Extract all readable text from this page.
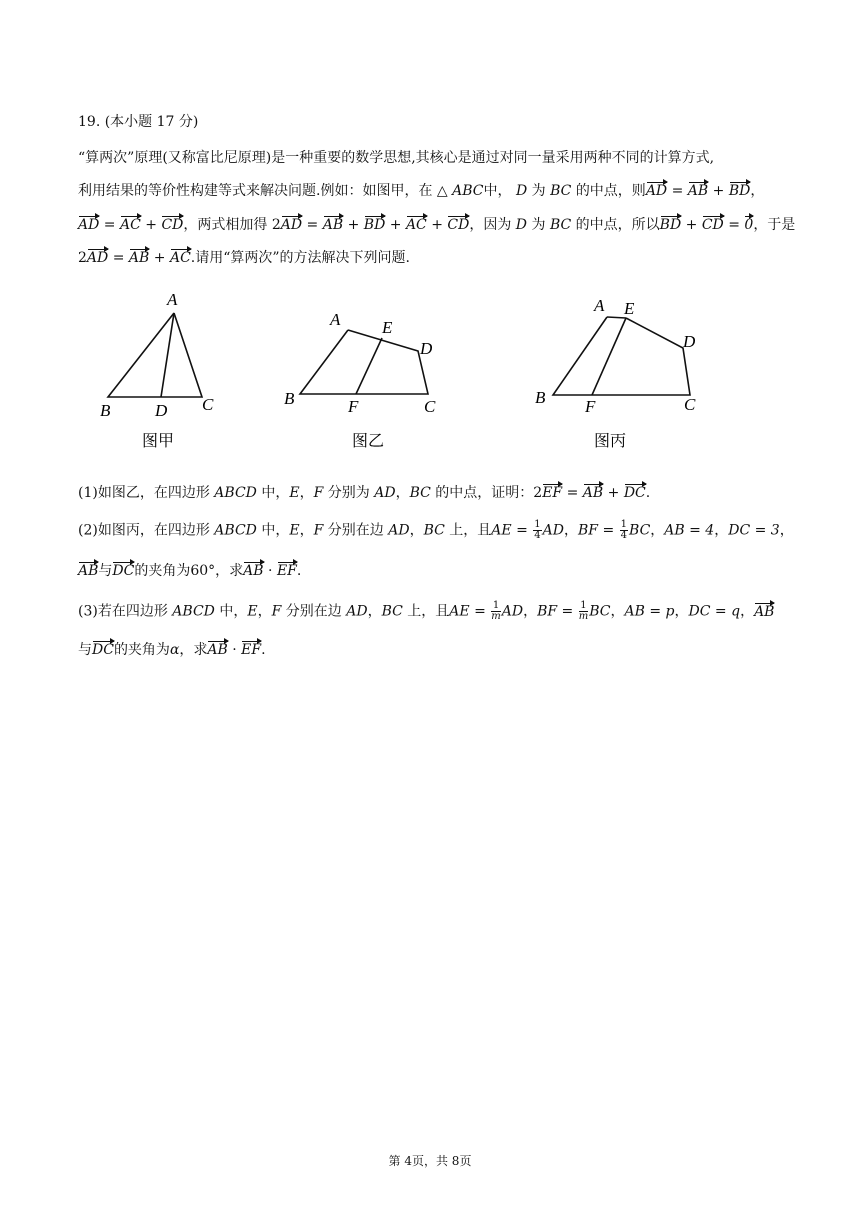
19. (本小题 17 分)
“算两次”原理(又称富比尼原理)是一种重要的数学思想,其核心是通过对同一量采用两种不同的计算方式,
利用结果的等价性构建等式来解决问题.例如：如图甲，在 △ ABC中， D 为 BC 的中点，则AD = AB + BD，
AD = AC + CD，两式相加得 2AD = AB + BD + AC + CD，因为 D 为 BC 的中点，所以BD + CD = 0，于是
2AD = AB + AC.请用“算两次”的方法解决下列问题.
A
B	D C
图甲
A E
D
B	F	C
图乙
A E
D
B F	C
图丙
(1)如图乙，在四边形 ABCD 中，E，F 分别为 AD，BC 的中点，证明：2EF = AB + DC.
(2)如图丙，在四边形 ABCD 中，E，F 分别在边 AD，BC 上，且AE = $\frac{1}{4}$ AD，BF = $\frac{1}{4}$ BC，AB = 4，DC = 3，
AB与DC的夹角为60°，求AB · EF.
(3)若在四边形 ABCD 中，E，F 分别在边 AD，BC 上，且AE = $\frac{1}{m}$ AD，BF = $\frac{1}{m}$ BC，AB = p，DC = q，AB
与DC的夹角为α，求AB · EF.
第 4页，共 8页
